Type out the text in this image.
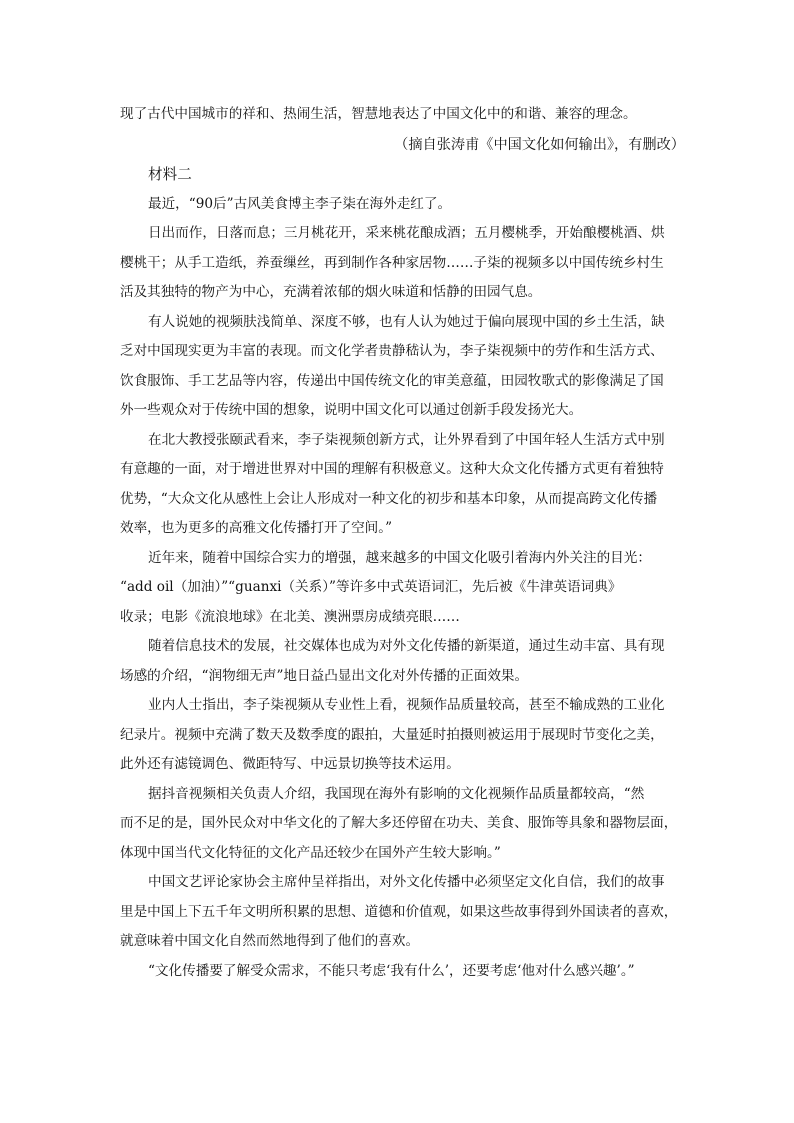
现了古代中国城市的祥和、热闹生活，智慧地表达了中国文化中的和谐、兼容的理念。

（摘自张涛甫《中国文化如何输出》，有删改）

材料二

最近，“90后”古风美食博主李子柒在海外走红了。

日出而作，日落而息；三月桃花开，采来桃花酿成酒；五月樱桃季，开始酿樱桃酒、烘

樱桃干；从手工造纸，养蚕缫丝，再到制作各种家居物……子柒的视频多以中国传统乡村生

活及其独特的物产为中心，充满着浓郁的烟火味道和恬静的田园气息。

有人说她的视频肤浅简单、深度不够，也有人认为她过于偏向展现中国的乡土生活，缺

乏对中国现实更为丰富的表现。而文化学者贵静嵇认为，李子柒视频中的劳作和生活方式、

饮食服饰、手工艺品等内容，传递出中国传统文化的审美意蕴，田园牧歌式的影像满足了国

外一些观众对于传统中国的想象，说明中国文化可以通过创新手段发扬光大。

在北大教授张颐武看来，李子柒视频创新方式，让外界看到了中国年轻人生活方式中别

有意趣的一面，对于增进世界对中国的理解有积极意义。这种大众文化传播方式更有着独特

优势，“大众文化从感性上会让人形成对一种文化的初步和基本印象，从而提高跨文化传播

效率，也为更多的高雅文化传播打开了空间。”

近年来，随着中国综合实力的增强，越来越多的中国文化吸引着海内外关注的目光：

“add oil（加油）”“guanxi（关系）”等许多中式英语词汇，先后被《牛津英语词典》

收录；电影《流浪地球》在北美、澳洲票房成绩亮眼……

随着信息技术的发展，社交媒体也成为对外文化传播的新渠道，通过生动丰富、具有现

场感的介绍，“润物细无声”地日益凸显出文化对外传播的正面效果。

业内人士指出，李子柒视频从专业性上看，视频作品质量较高，甚至不输成熟的工业化

纪录片。视频中充满了数天及数季度的跟拍，大量延时拍摄则被运用于展现时节变化之美，

此外还有滤镜调色、微距特写、中远景切换等技术运用。

据抖音视频相关负责人介绍，我国现在海外有影响的文化视频作品质量都较高，“然

而不足的是，国外民众对中华文化的了解大多还停留在功夫、美食、服饰等具象和器物层面，

体现中国当代文化特征的文化产品还较少在国外产生较大影响。”

中国文艺评论家协会主席仲呈祥指出，对外文化传播中必须坚定文化自信，我们的故事

里是中国上下五千年文明所积累的思想、道德和价值观，如果这些故事得到外国读者的喜欢，

就意味着中国文化自然而然地得到了他们的喜欢。

“文化传播要了解受众需求，不能只考虑‘我有什么’，还要考虑‘他对什么感兴趣’。”
